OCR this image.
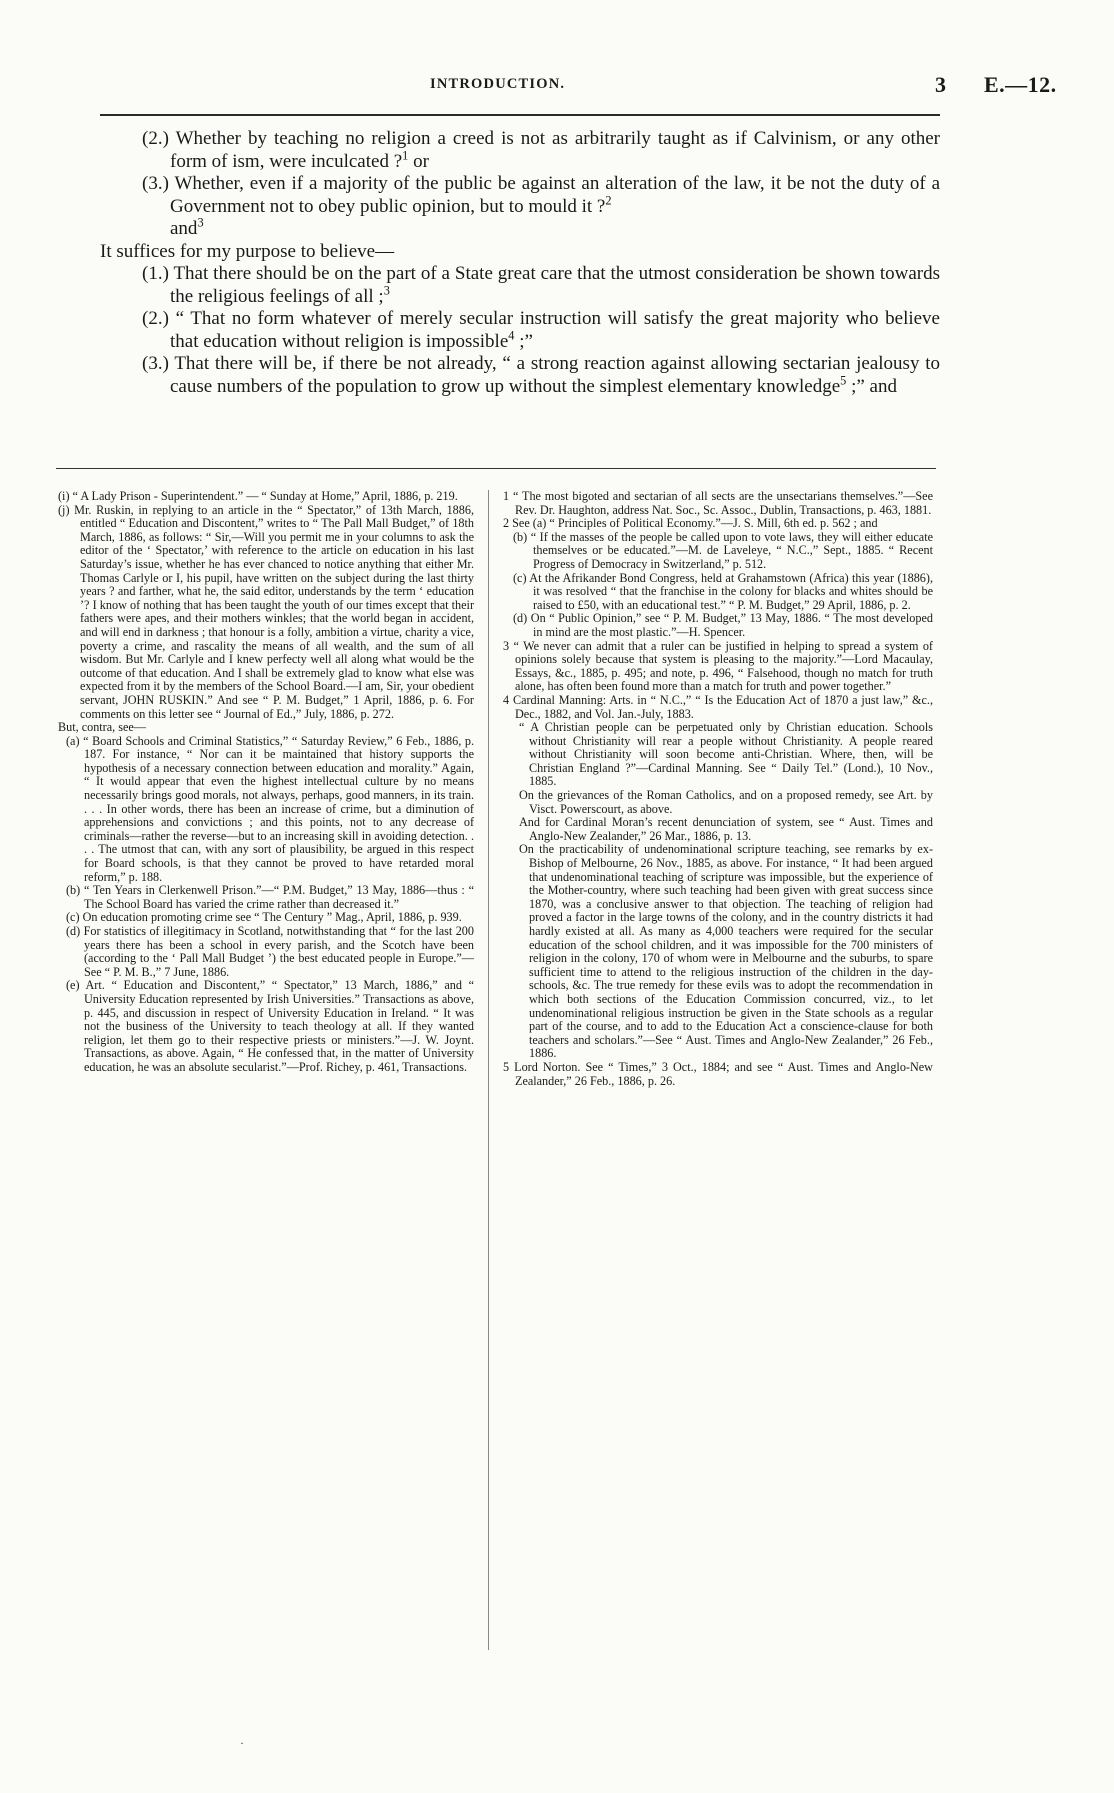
INTRODUCTION.	3 E.—12.

(2.) Whether by teaching no religion a creed is not as arbitrarily taught as if Calvinism, or any other form of ism, were inculcated ?$^1$ or

(3.) Whether, even if a majority of the public be against an alteration of the law, it be not the duty of a Government not to obey public opinion, but to mould it ?$^2$
and$^3$

It suffices for my purpose to believe—

(1.) That there should be on the part of a State great care that the utmost consideration be shown towards the religious feelings of all ;$^3$

(2.) “ That no form whatever of merely secular instruction will satisfy the great majority who believe that education without religion is impossible$^4$ ;”

(3.) That there will be, if there be not already, “ a strong reaction against allowing sectarian jealousy to cause numbers of the population to grow up without the simplest elementary knowledge$^5$ ;” and

(i) “ A Lady Prison - Superintendent.” — “ Sunday at Home,” April, 1886, p. 219.

(j) Mr. Ruskin, in replying to an article in the “ Spectator,” of 13th March, 1886, entitled “ Education and Discontent,” writes to “ The Pall Mall Budget,” of 18th March, 1886, as follows: “ Sir,—Will you permit me in your columns to ask the editor of the ‘ Spectator,’ with reference to the article on education in his last Saturday’s issue, whether he has ever chanced to notice anything that either Mr. Thomas Carlyle or I, his pupil, have written on the subject during the last thirty years ? and farther, what he, the said editor, understands by the term ‘ education ’? I know of nothing that has been taught the youth of our times except that their fathers were apes, and their mothers winkles; that the world began in accident, and will end in darkness ; that honour is a folly, ambition a virtue, charity a vice, poverty a crime, and rascality the means of all wealth, and the sum of all wisdom. But Mr. Carlyle and I knew perfecty well all along what would be the outcome of that education. And I shall be extremely glad to know what else was expected from it by the members of the School Board.—I am, Sir, your obedient servant, JOHN RUSKIN.” And see “ P. M. Budget,” 1 April, 1886, p. 6. For comments on this letter see “ Journal of Ed.,” July, 1886, p. 272.

But, contra, see—

(a) “ Board Schools and Criminal Statistics,” “ Saturday Review,” 6 Feb., 1886, p. 187. For instance, “ Nor can it be maintained that history supports the hypothesis of a necessary connection between education and morality.” Again, “ It would appear that even the highest intellectual culture by no means necessarily brings good morals, not always, perhaps, good manners, in its train. . . . In other words, there has been an increase of crime, but a diminution of apprehensions and convictions ; and this points, not to any decrease of criminals—rather the reverse—but to an increasing skill in avoiding detection. . . . The utmost that can, with any sort of plausibility, be argued in this respect for Board schools, is that they cannot be proved to have retarded moral reform,” p. 188.

(b) “ Ten Years in Clerkenwell Prison.”—“ P.M. Budget,” 13 May, 1886—thus : “ The School Board has varied the crime rather than decreased it.”

(c) On education promoting crime see “ The Century ” Mag., April, 1886, p. 939.

(d) For statistics of illegitimacy in Scotland, notwithstanding that “ for the last 200 years there has been a school in every parish, and the Scotch have been (according to the ‘ Pall Mall Budget ’) the best educated people in Europe.”—See “ P. M. B.,” 7 June, 1886.

(e) Art. “ Education and Discontent,” “ Spectator,” 13 March, 1886,” and “ University Education represented by Irish Universities.” Transactions as above, p. 445, and discussion in respect of University Education in Ireland. “ It was not the business of the University to teach theology at all. If they wanted religion, let them go to their respective priests or ministers.”—J. W. Joynt. Transactions, as above. Again, “ He confessed that, in the matter of University education, he was an absolute secularist.”—Prof. Richey, p. 461, Transactions.

1 “ The most bigoted and sectarian of all sects are the unsectarians themselves.”—See Rev. Dr. Haughton, address Nat. Soc., Sc. Assoc., Dublin, Transactions, p. 463, 1881.

2 See (a) “ Principles of Political Economy.”—J. S. Mill, 6th ed. p. 562 ; and

(b) “ If the masses of the people be called upon to vote laws, they will either educate themselves or be educated.”—M. de Laveleye, “ N.C.,” Sept., 1885. “ Recent Progress of Democracy in Switzerland,” p. 512.

(c) At the Afrikander Bond Congress, held at Grahamstown (Africa) this year (1886), it was resolved “ that the franchise in the colony for blacks and whites should be raised to £50, with an educational test.” “ P. M. Budget,” 29 April, 1886, p. 2.

(d) On “ Public Opinion,” see “ P. M. Budget,” 13 May, 1886. “ The most developed in mind are the most plastic.”—H. Spencer.

3 “ We never can admit that a ruler can be justified in helping to spread a system of opinions solely because that system is pleasing to the majority.”—Lord Macaulay, Essays, &c., 1885, p. 495; and note, p. 496, “ Falsehood, though no match for truth alone, has often been found more than a match for truth and power together.”

4 Cardinal Manning: Arts. in “ N.C.,” “ Is the Education Act of 1870 a just law,” &c., Dec., 1882, and Vol. Jan.-July, 1883.

“ A Christian people can be perpetuated only by Christian education. Schools without Christianity will rear a people without Christianity. A people reared without Christianity will soon become anti-Christian. Where, then, will be Christian England ?”—Cardinal Manning. See “ Daily Tel.” (Lond.), 10 Nov., 1885.

On the grievances of the Roman Catholics, and on a proposed remedy, see Art. by Visct. Powerscourt, as above.

And for Cardinal Moran’s recent denunciation of system, see “ Aust. Times and Anglo-New Zealander,” 26 Mar., 1886, p. 13.

On the practicability of undenominational scripture teaching, see remarks by ex-Bishop of Melbourne, 26 Nov., 1885, as above. For instance, “ It had been argued that undenominational teaching of scripture was impossible, but the experience of the Mother-country, where such teaching had been given with great success since 1870, was a conclusive answer to that objection. The teaching of religion had proved a factor in the large towns of the colony, and in the country districts it had hardly existed at all. As many as 4,000 teachers were required for the secular education of the school children, and it was impossible for the 700 ministers of religion in the colony, 170 of whom were in Melbourne and the suburbs, to spare sufficient time to attend to the religious instruction of the children in the day-schools, &c. The true remedy for these evils was to adopt the recommendation in which both sections of the Education Commission concurred, viz., to let undenominational religious instruction be given in the State schools as a regular part of the course, and to add to the Education Act a conscience-clause for both teachers and scholars.”—See “ Aust. Times and Anglo-New Zealander,” 26 Feb., 1886.

5 Lord Norton. See “ Times,” 3 Oct., 1884; and see “ Aust. Times and Anglo-New Zealander,” 26 Feb., 1886, p. 26.

·
